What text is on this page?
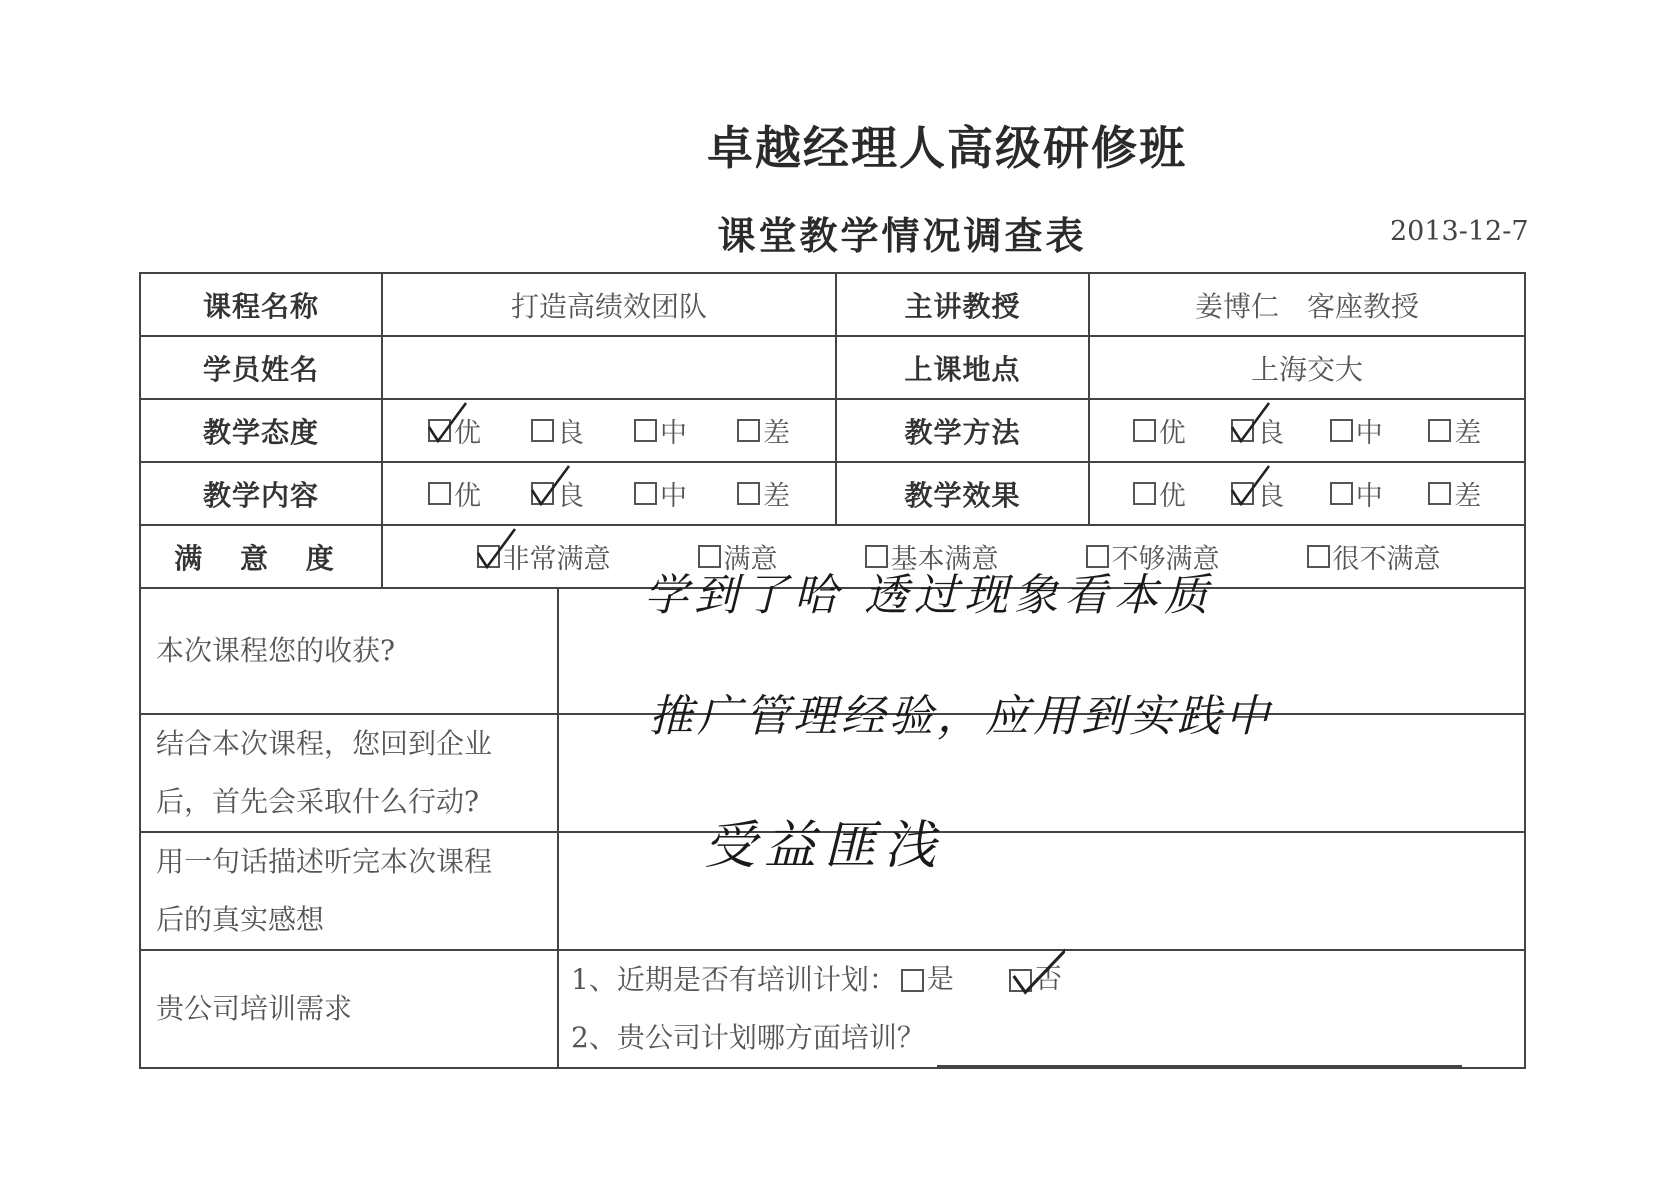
卓越经理人高级研修班
课堂教学情况调查表	2013-12-7
课程名称	打造高绩效团队		主讲教授	姜博仁　客座教授
学员姓名			上课地点	上海交大
教学态度	优 良 中 差		教学方法	优 良 中 差

教学内容	优 良 中 差		教学效果	优 良 中 差

满 意 度	非常满意 满意 基本满意 不够满意 很不满意			

本次课程您的收获?		学到了哈 透过现象看本质		

结合本次课程，您回到企业
后，首先会采取什么行动?		推广管理经验，应用到实践中		

用一句话描述听完本次课程
后的真实感想		受益匪浅		

贵公司培训需求		1、近期是否有培训计划： 是 否
2、贵公司计划哪方面培训？		
